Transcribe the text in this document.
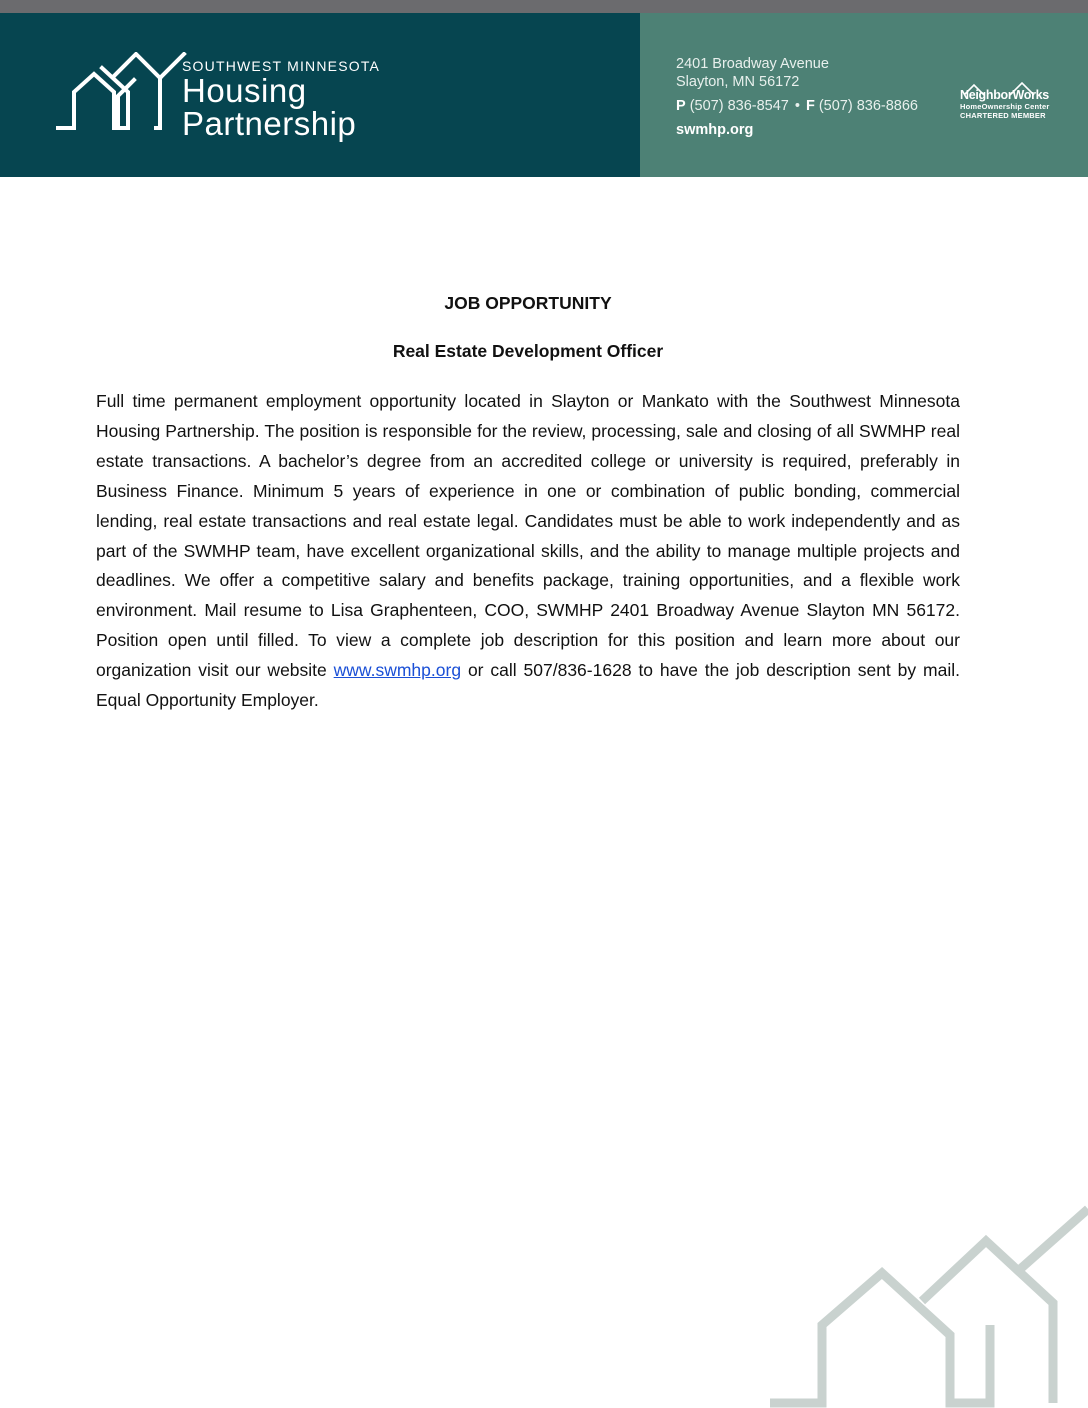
SOUTHWEST MINNESOTA
Housing
Partnership
2401 Broadway Avenue
Slayton, MN 56172
P (507) 836-8547 • F (507) 836-8866
swmhp.org
NeighborWorks
HomeOwnership Center
CHARTERED MEMBER

JOB OPPORTUNITY

Real Estate Development Officer

Full time permanent employment opportunity located in Slayton or Mankato with the Southwest Minnesota Housing Partnership. The position is responsible for the review, processing, sale and closing of all SWMHP real estate transactions. A bachelor’s degree from an accredited college or university is required, preferably in Business Finance. Minimum 5 years of experience in one or combination of public bonding, commercial lending, real estate transactions and real estate legal. Candidates must be able to work independently and as part of the SWMHP team, have excellent organizational skills, and the ability to manage multiple projects and deadlines. We offer a competitive salary and benefits package, training opportunities, and a flexible work environment. Mail resume to Lisa Graphenteen, COO, SWMHP 2401 Broadway Avenue Slayton MN 56172. Position open until filled. To view a complete job description for this position and learn more about our organization visit our website www.swmhp.org or call 507/836-1628 to have the job description sent by mail. Equal Opportunity Employer.
